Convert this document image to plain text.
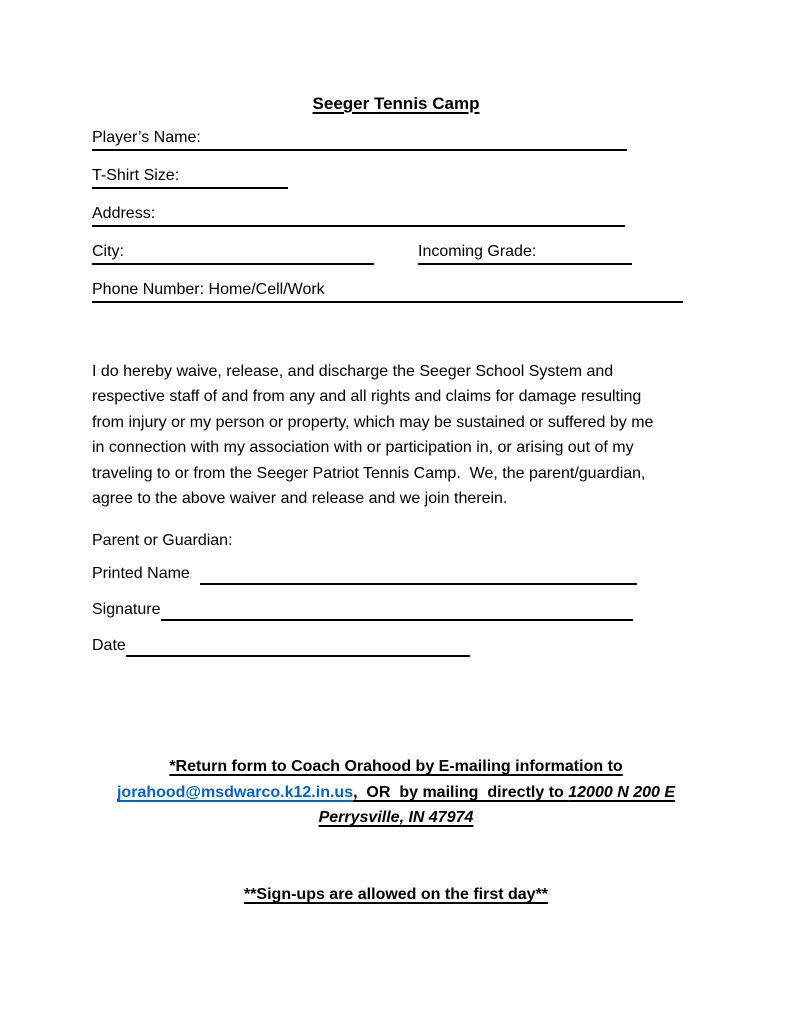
Seeger Tennis Camp
Player’s Name:
T-Shirt Size:
Address:
City:	Incoming Grade:
Phone Number: Home/Cell/Work
I do hereby waive, release, and discharge the Seeger School System and
respective staff of and from any and all rights and claims for damage resulting
from injury or my person or property, which may be sustained or suffered by me
in connection with my association with or participation in, or arising out of my
traveling to or from the Seeger Patriot Tennis Camp.  We, the parent/guardian,
agree to the above waiver and release and we join therein.
Parent or Guardian:
Printed Name
Signature
Date
*Return form to Coach Orahood by E-mailing information to
jorahood@msdwarco.k12.in.us,  OR  by mailing  directly to 12000 N 200 E
Perrysville, IN 47974
**Sign-ups are allowed on the first day**
